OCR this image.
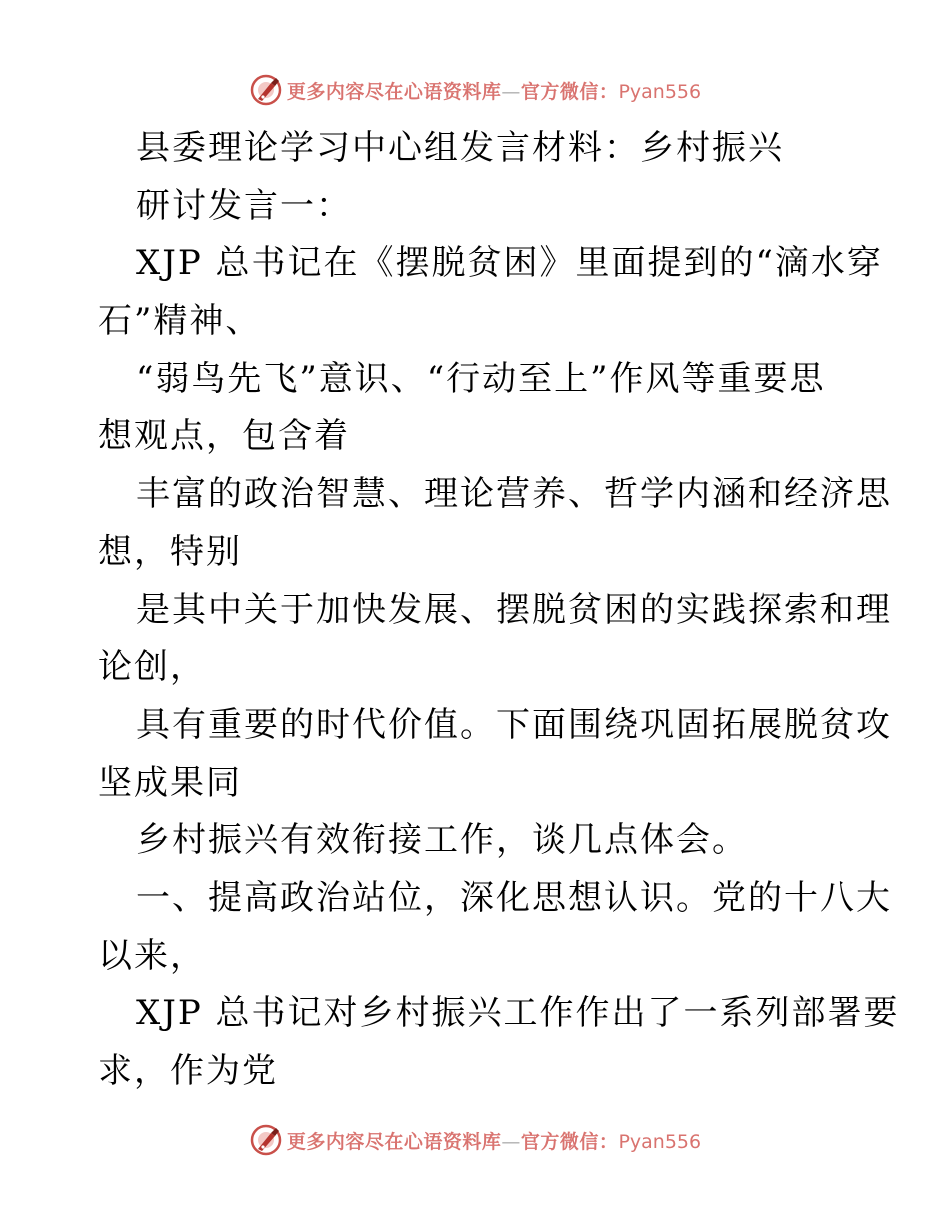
更多内容尽在心语资料库—官方微信：Pyan556
县委理论学习中心组发言材料：乡村振兴
研讨发言一：
XJP 总书记在《摆脱贫困》里面提到的“滴水穿
石”精神、
“弱鸟先飞”意识、“行动至上”作风等重要思
想观点，包含着
丰富的政治智慧、理论营养、哲学内涵和经济思
想，特别
是其中关于加快发展、摆脱贫困的实践探索和理
论创，
具有重要的时代价值。下面围绕巩固拓展脱贫攻
坚成果同
乡村振兴有效衔接工作，谈几点体会。
一、提高政治站位，深化思想认识。党的十八大
以来，
XJP 总书记对乡村振兴工作作出了一系列部署要
求，作为党
更多内容尽在心语资料库—官方微信：Pyan556
